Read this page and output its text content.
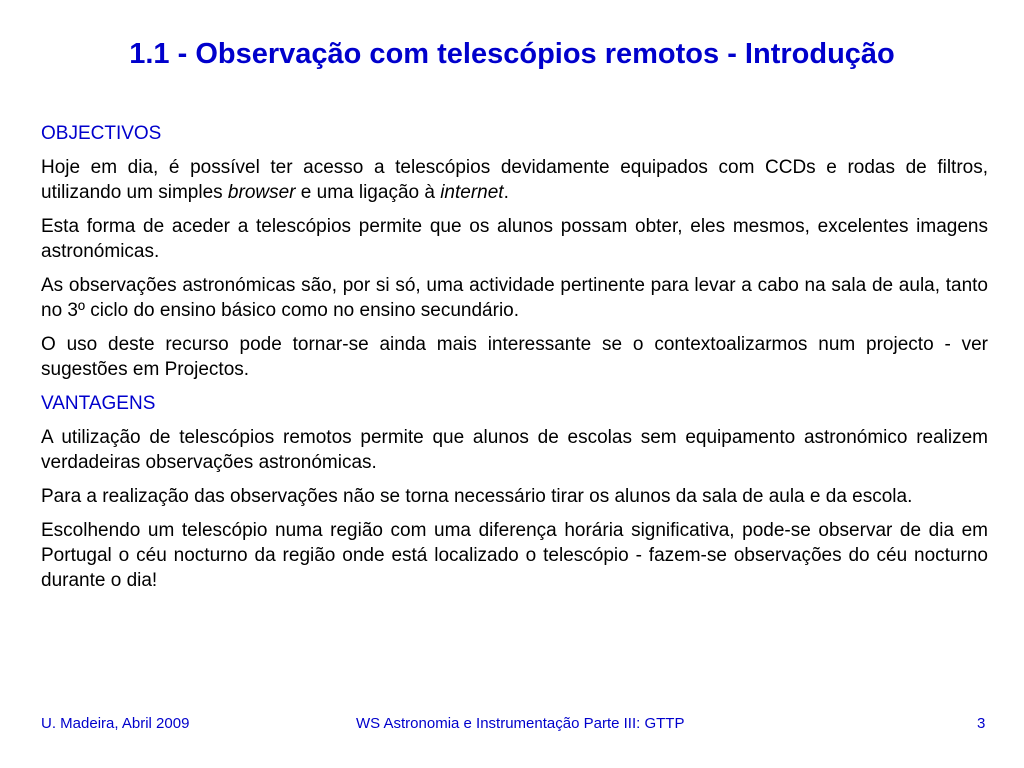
1.1 - Observação com telescópios remotos - Introdução
OBJECTIVOS

Hoje em dia, é possível ter acesso a telescópios devidamente equipados com CCDs e rodas de filtros, utilizando um simples browser e uma ligação à internet.

Esta forma de aceder a telescópios permite que os alunos possam obter, eles mesmos, excelentes imagens astronómicas.

As observações astronómicas são, por si só, uma actividade pertinente para levar a cabo na sala de aula, tanto no 3º ciclo do ensino básico como no ensino secundário.

O uso deste recurso pode tornar-se ainda mais interessante se o contextoalizarmos num projecto - ver sugestões em Projectos.

VANTAGENS

A utilização de telescópios remotos permite que alunos de escolas sem equipamento astronómico realizem verdadeiras observações astronómicas.

Para a realização das observações não se torna necessário tirar os alunos da sala de aula e da escola.

Escolhendo um telescópio numa região com uma diferença horária significativa, pode-se observar de dia em Portugal o céu nocturno da região onde está localizado o telescópio - fazem-se observações do céu nocturno durante o dia!

U. Madeira, Abril 2009	WS Astronomia e Instrumentação Parte III: GTTP	3
